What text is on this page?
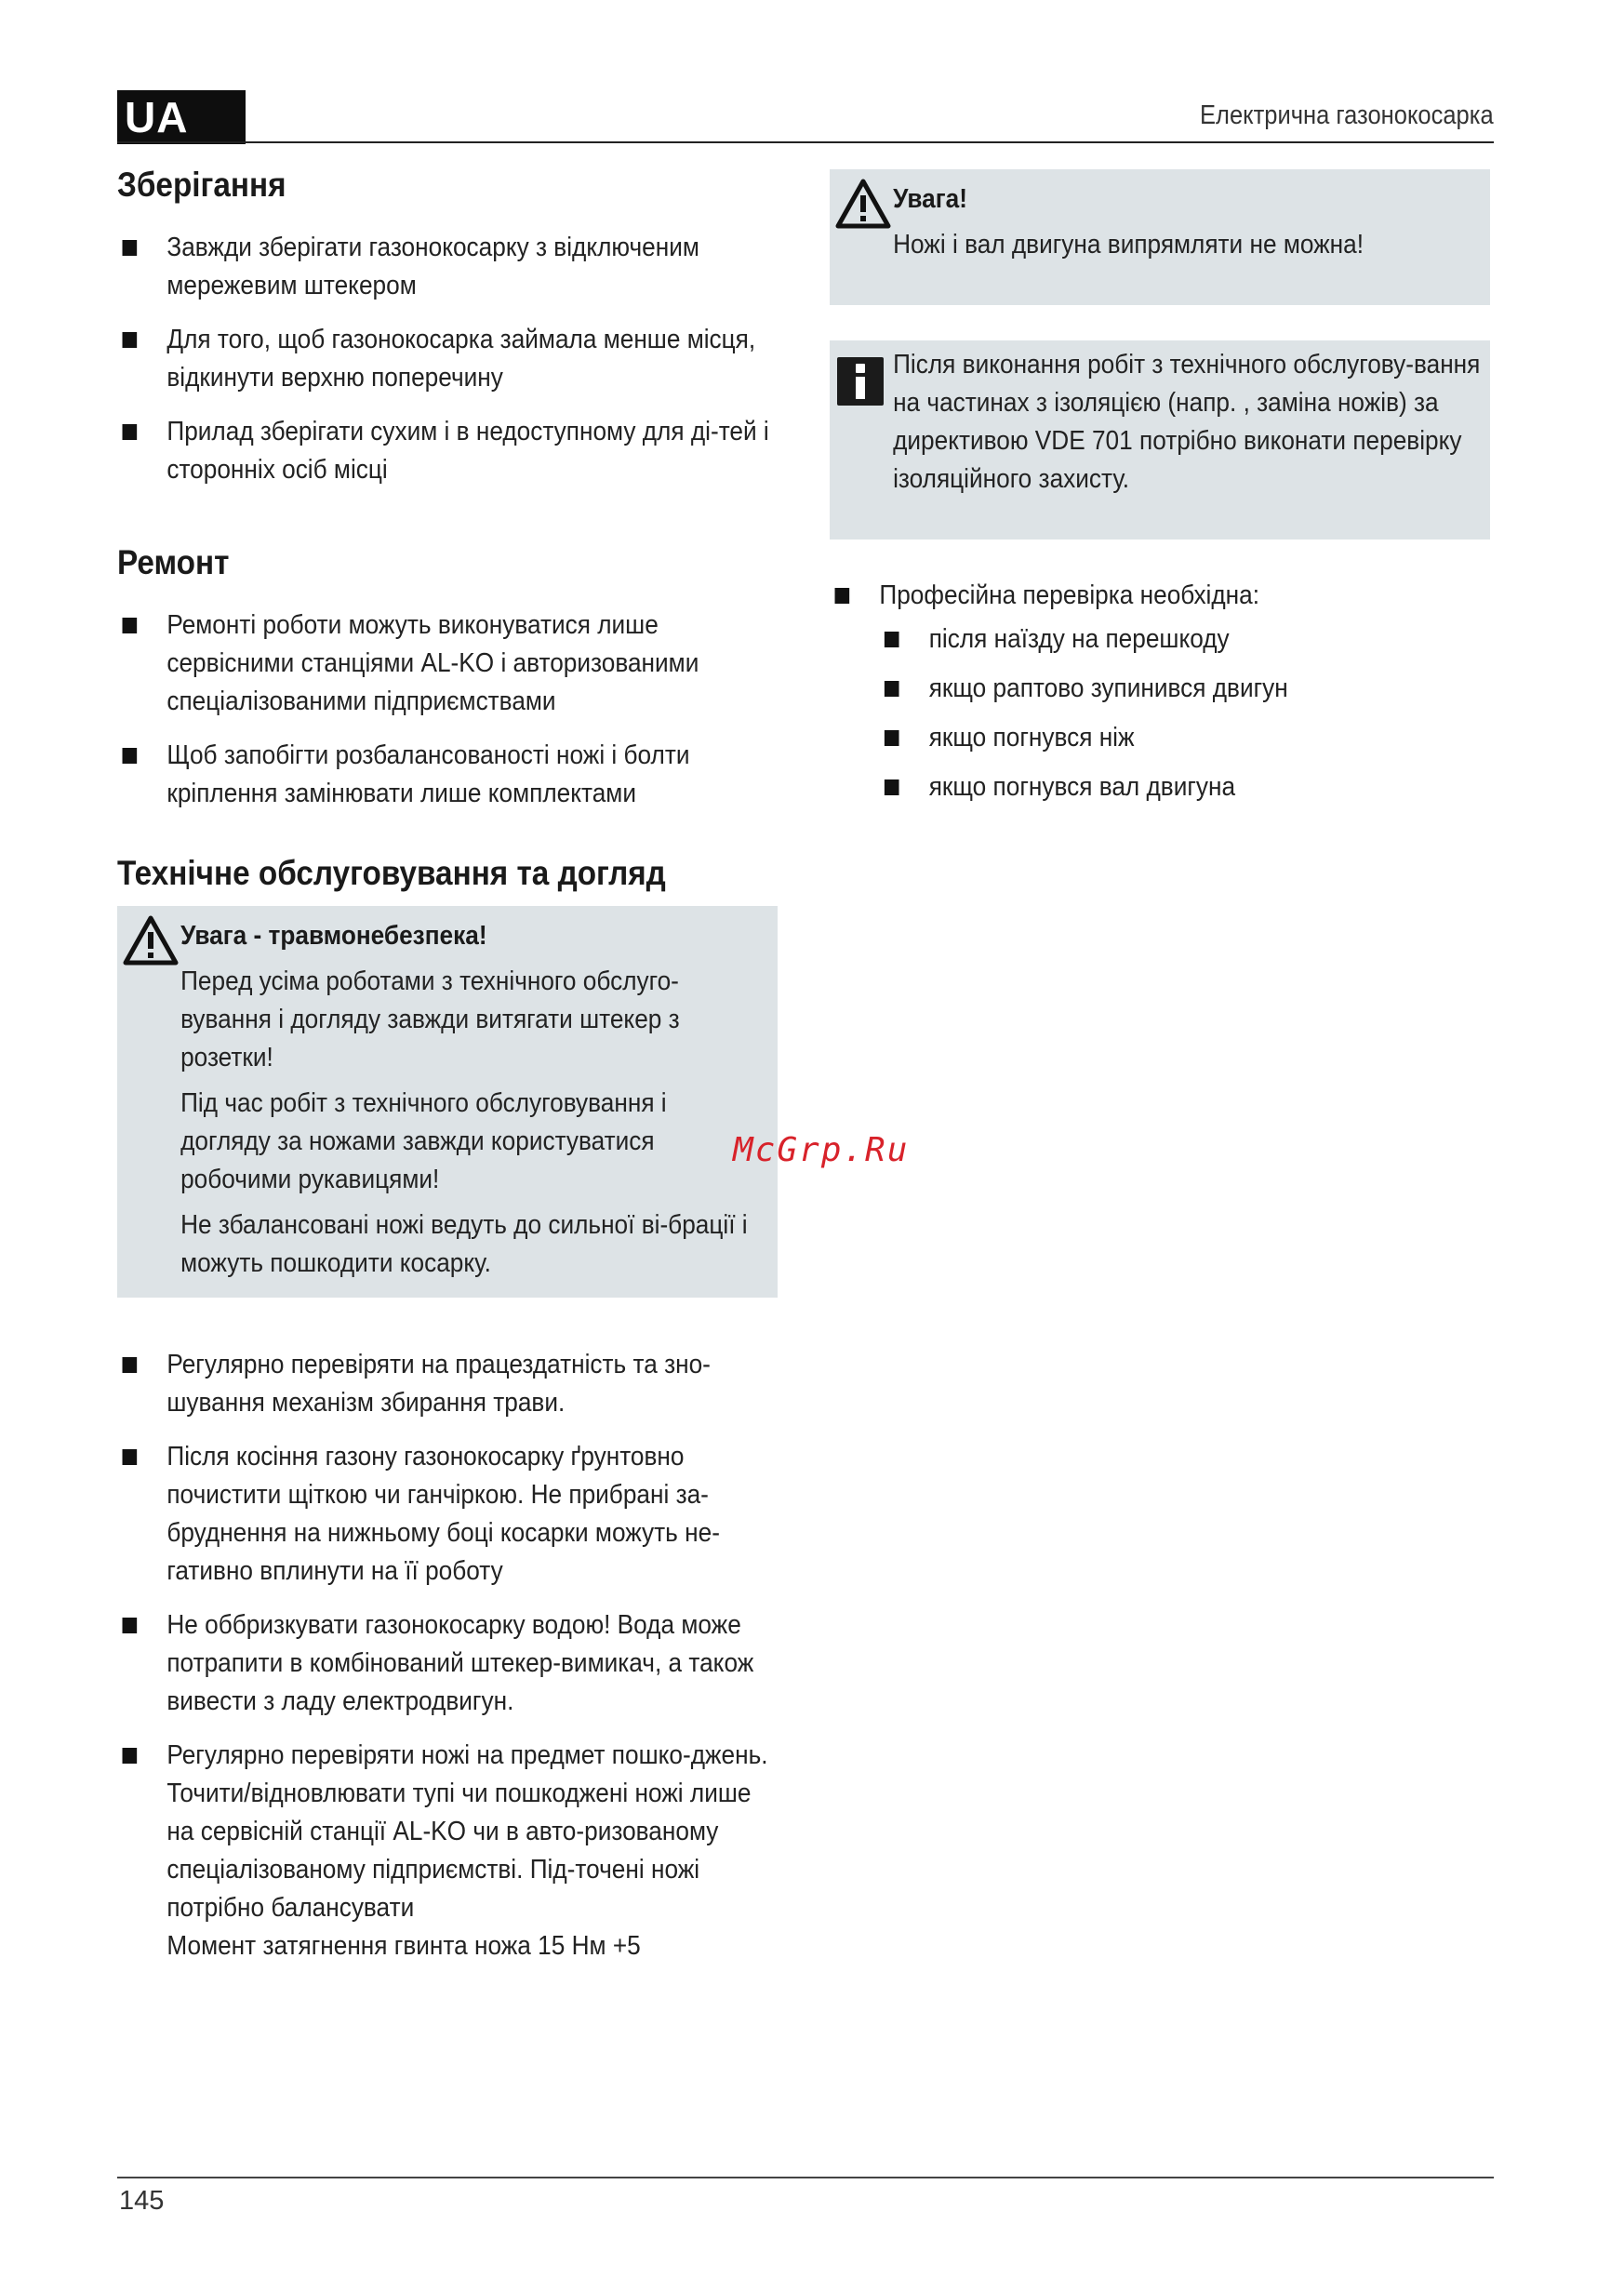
UA	Електрична газонокосарка
Зберігання
Завжди зберігати газонокосарку з відключеним мережевим штекером
Для того, щоб газонокосарка займала менше місця, відкинути верхню поперечину
Прилад зберігати сухим і в недоступному для ді-тей і сторонніх осіб місці
Ремонт
Ремонті роботи можуть виконуватися лише сервісними станціями AL-KO і авторизованими спеціалізованими підприємствами
Щоб запобігти розбалансованості ножі і болти кріплення замінювати лише комплектами
Технічне обслуговування та догляд
Увага - травмонебезпека!

Перед усіма роботами з технічного обслуго-вування і догляду завжди витягати штекер з розетки!

Під час робіт з технічного обслуговування і догляду за ножами завжди користуватися робочими рукавицями!

Не збалансовані ножі ведуть до сильної ві-брації і можуть пошкодити косарку.

Регулярно перевіряти на працездатність та зно-шування механізм збирання трави.
Після косіння газону газонокосарку ґрунтовно почистити щіткою чи ганчіркою. Не прибрані за-бруднення на нижньому боці косарки можуть не-гативно вплинути на її роботу
Не оббризкувати газонокосарку водою! Вода може потрапити в комбінований штекер-вимикач, а також вивести з ладу електродвигун.
Регулярно перевіряти ножі на предмет пошко-джень. Точити/відновлювати тупі чи пошкоджені ножі лише на сервісній станції AL-KO чи в авто-ризованому спеціалізованому підприємстві. Під-точені ножі потрібно балансувати
Момент затягнення гвинта ножа 15 Нм +5
Увага!

Ножі і вал двигуна випрямляти не можна!

Після виконання робіт з технічного обслугову-вання на частинах з ізоляцією (напр. , заміна ножів) за директивою VDE 701 потрібно виконати перевірку ізоляційного захисту.

Професійна перевірка необхідна:
після наїзду на перешкоду
якщо раптово зупинився двигун
якщо погнувся ніж
якщо погнувся вал двигуна
McGrp.Ru
145
